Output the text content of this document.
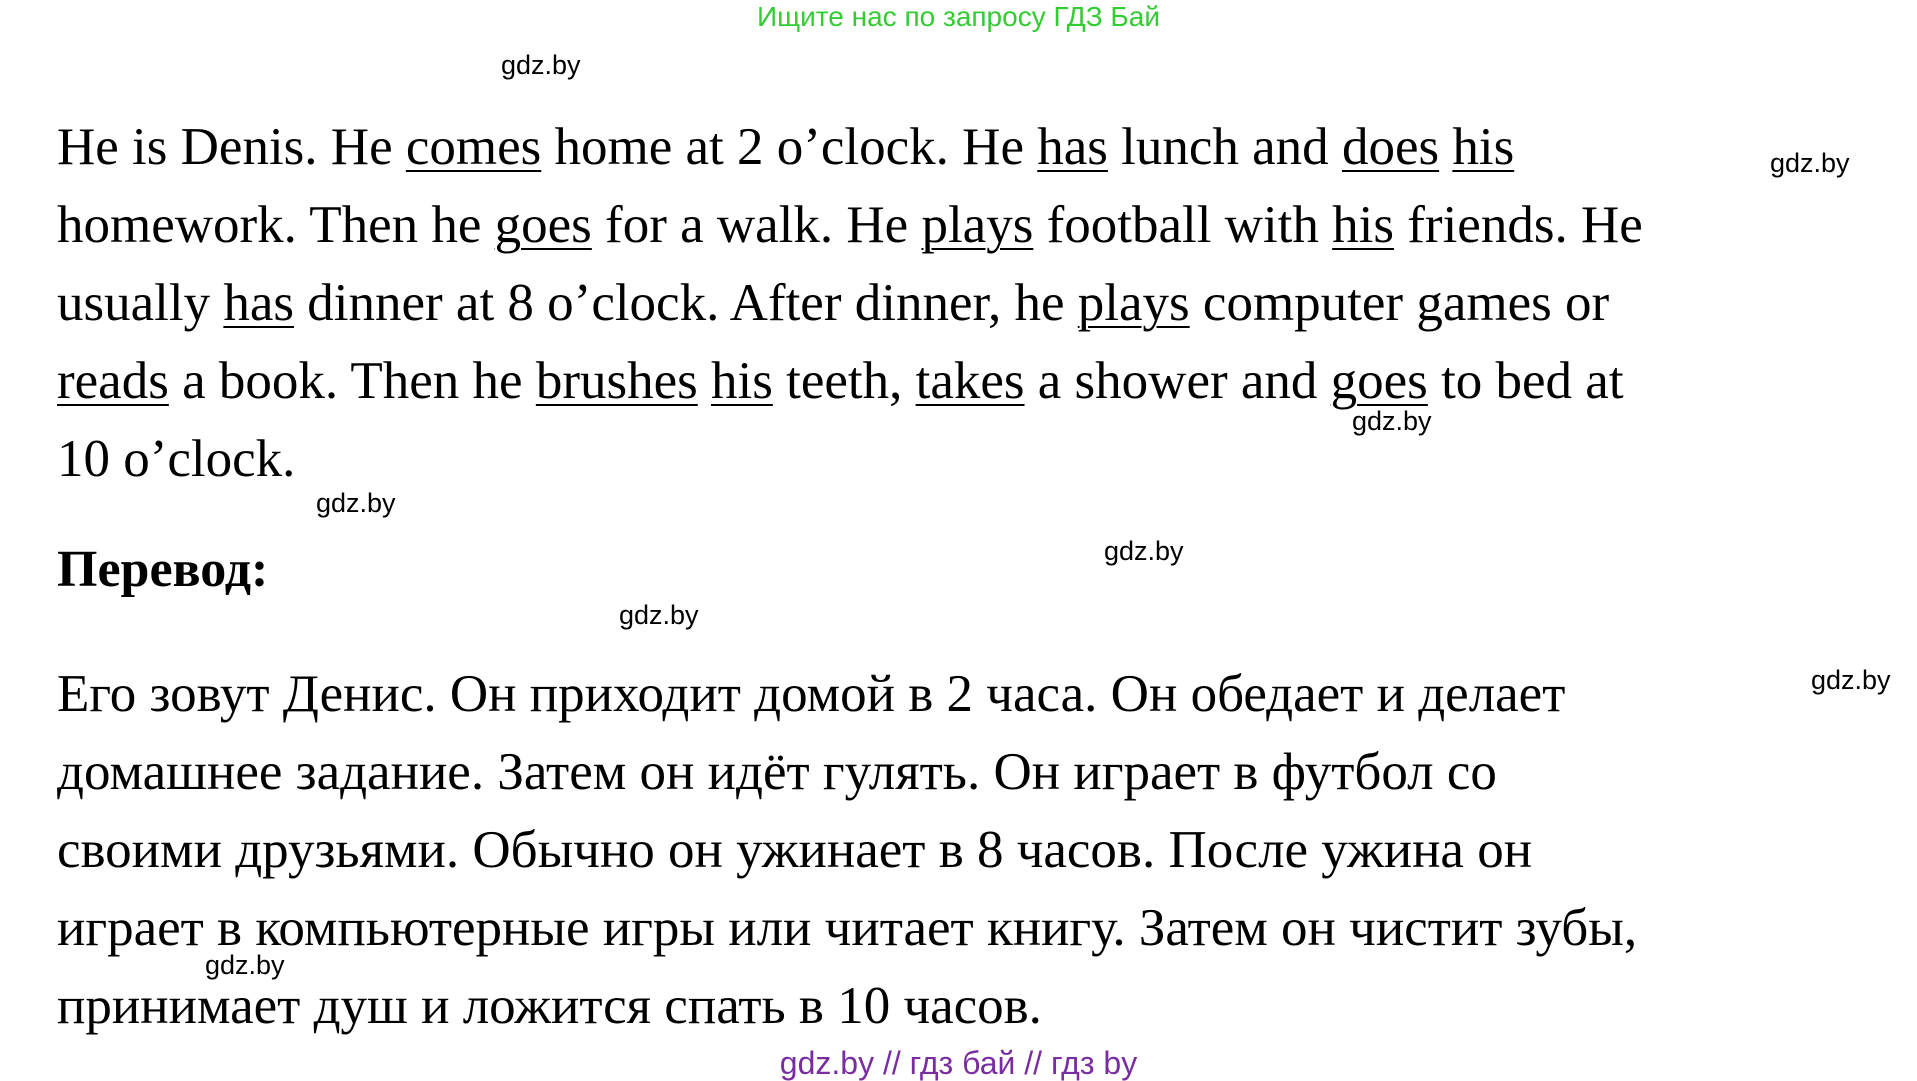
Ищите нас по запросу ГДЗ Бай
gdz.by
gdz.by
gdz.by
gdz.by
gdz.by
gdz.by
gdz.by
gdz.by
He is Denis. He comes home at 2 o’clock. He has lunch and does his
homework. Then he goes for a walk. He plays football with his friends. He
usually has dinner at 8 o’clock. After dinner, he plays computer games or
reads a book. Then he brushes his teeth, takes a shower and goes to bed at
10 o’clock.
Перевод:
Его зовут Денис. Он приходит домой в 2 часа. Он обедает и делает
домашнее задание. Затем он идёт гулять. Он играет в футбол со
своими друзьями. Обычно он ужинает в 8 часов. После ужина он
играет в компьютерные игры или читает книгу. Затем он чистит зубы,
принимает душ и ложится спать в 10 часов.
gdz.by // гдз бай // гдз by
